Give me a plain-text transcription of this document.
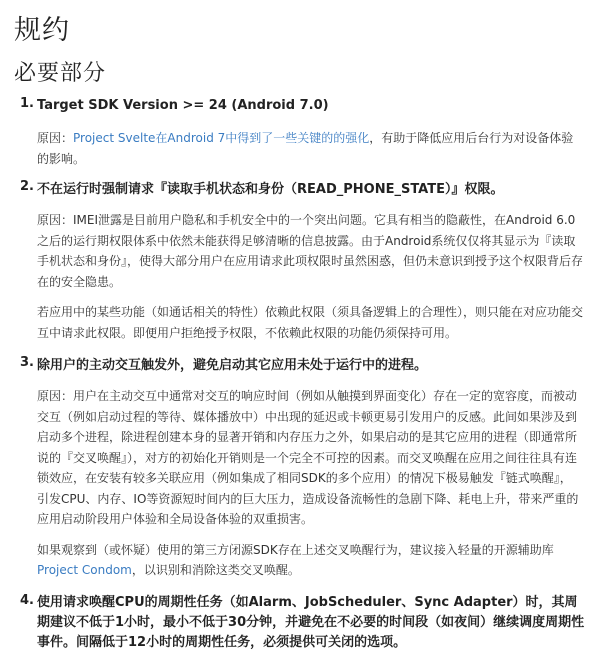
规约
必要部分
1. Target SDK Version >= 24 (Android 7.0)
原因：Project Svelte在Android 7中得到了一些关键的的强化，有助于降低应用后台行为对设备体验的影响。
2. 不在运行时强制请求『读取手机状态和身份（READ_PHONE_STATE）』权限。
原因：IMEI泄露是目前用户隐私和手机安全中的一个突出问题。它具有相当的隐蔽性，在Android 6.0之后的运行期权限体系中依然未能获得足够清晰的信息披露。由于Android系统仅仅将其显示为『读取手机状态和身份』，使得大部分用户在应用请求此项权限时虽然困惑，但仍未意识到授予这个权限背后存在的安全隐患。
若应用中的某些功能（如通话相关的特性）依赖此权限（须具备逻辑上的合理性），则只能在对应功能交互中请求此权限。即便用户拒绝授予权限，不依赖此权限的功能仍须保持可用。
3. 除用户的主动交互触发外，避免启动其它应用未处于运行中的进程。
原因：用户在主动交互中通常对交互的响应时间（例如从触摸到界面变化）存在一定的宽容度，而被动交互（例如启动过程的等待、媒体播放中）中出现的延迟或卡顿更易引发用户的反感。此间如果涉及到启动多个进程，除进程创建本身的显著开销和内存压力之外，如果启动的是其它应用的进程（即通常所说的『交叉唤醒』），对方的初始化开销则是一个完全不可控的因素。而交叉唤醒在应用之间往往具有连锁效应，在安装有较多关联应用（例如集成了相同SDK的多个应用）的情况下极易触发『链式唤醒』，引发CPU、内存、IO等资源短时间内的巨大压力，造成设备流畅性的急剧下降、耗电上升，带来严重的应用启动阶段用户体验和全局设备体验的双重损害。
如果观察到（或怀疑）使用的第三方闭源SDK存在上述交叉唤醒行为，建议接入轻量的开源辅助库Project Condom，以识别和消除这类交叉唤醒。
4. 使用请求唤醒CPU的周期性任务（如Alarm、JobScheduler、Sync Adapter）时，其周期建议不低于1小时，最小不低于30分钟，并避免在不必要的时间段（如夜间）继续调度周期性事件。间隔低于12小时的周期性任务，必须提供可关闭的选项。
